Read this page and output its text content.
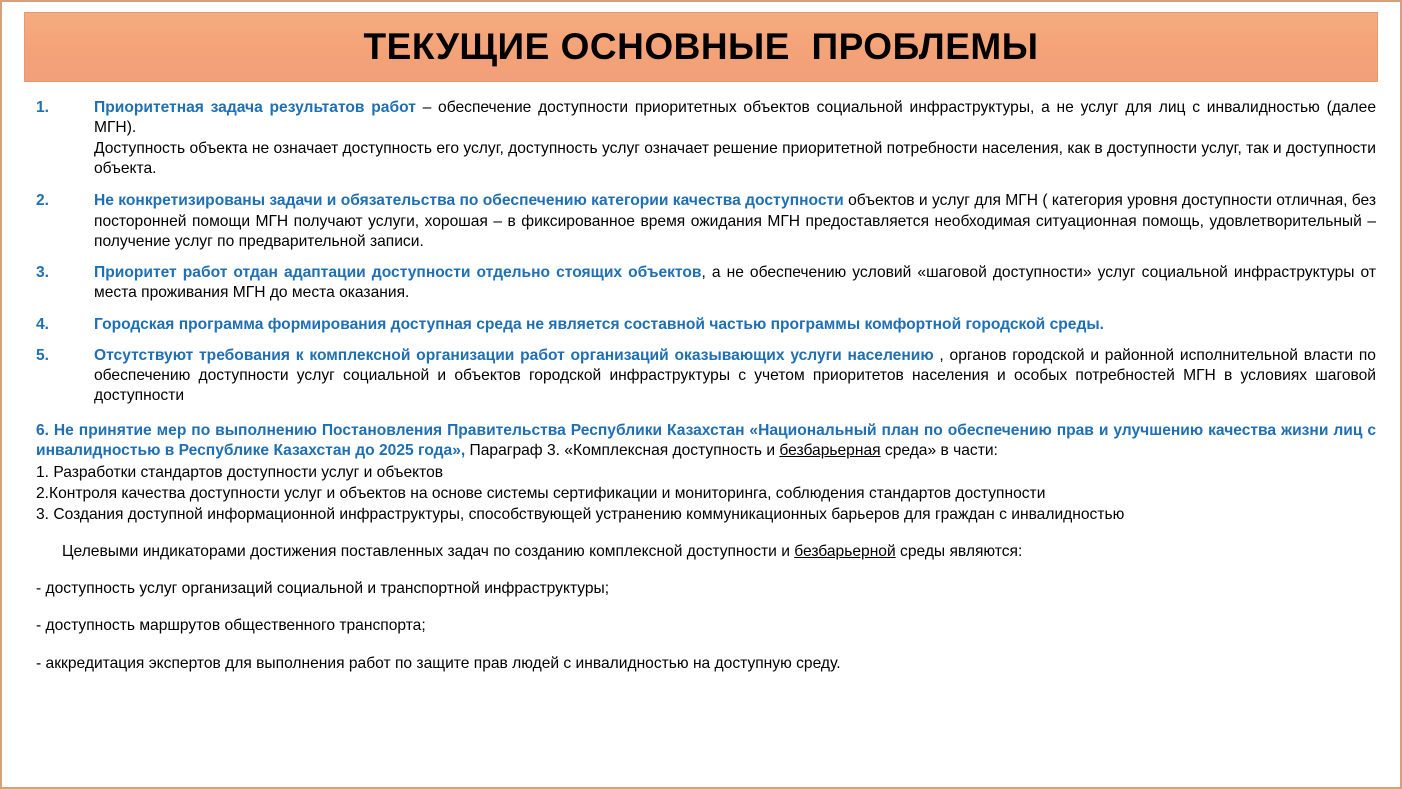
ТЕКУЩИЕ ОСНОВНЫЕ  ПРОБЛЕМЫ
1.	Приоритетная задача результатов работ – обеспечение доступности приоритетных объектов социальной инфраструктуры, а не услуг для лиц с инвалидностью (далее МГН).
Доступность объекта не означает доступность его услуг, доступность услуг означает решение приоритетной потребности населения, как в доступности услуг, так и доступности объекта.
2.	Не конкретизированы задачи и обязательства по обеспечению категории качества доступности объектов и услуг для МГН ( категория уровня доступности отличная, без посторонней помощи МГН получают услуги, хорошая – в фиксированное время ожидания МГН предоставляется необходимая ситуационная помощь, удовлетворительный – получение услуг по предварительной записи.
3.	Приоритет работ отдан адаптации доступности отдельно стоящих объектов, а не обеспечению условий «шаговой доступности» услуг социальной инфраструктуры от места проживания МГН до места оказания.
4.	Городская программа формирования доступная среда не является составной частью программы комфортной городской среды.
5.	Отсутствуют требования к комплексной организации работ организаций оказывающих услуги населению , органов городской и районной исполнительной власти по обеспечению доступности услуг социальной и объектов городской инфраструктуры с учетом приоритетов населения и особых потребностей МГН в условиях шаговой доступности
6. Не принятие мер по выполнению Постановления Правительства Республики Казахстан «Национальный план по обеспечению прав и улучшению качества жизни лиц с инвалидностью в Республике Казахстан до 2025 года», Параграф 3. «Комплексная доступность и безбарьерная среда» в части:
1. Разработки стандартов доступности услуг и объектов
2.Контроля качества доступности услуг и объектов на основе системы сертификации и мониторинга, соблюдения стандартов доступности
3. Создания доступной информационной инфраструктуры, способствующей устранению коммуникационных барьеров для граждан с инвалидностью
Целевыми индикаторами достижения поставленных задач по созданию комплексной доступности и безбарьерной среды являются:
- доступность услуг организаций социальной и транспортной инфраструктуры;
- доступность маршрутов общественного транспорта;
- аккредитация экспертов для выполнения работ по защите прав людей с инвалидностью на доступную среду.
